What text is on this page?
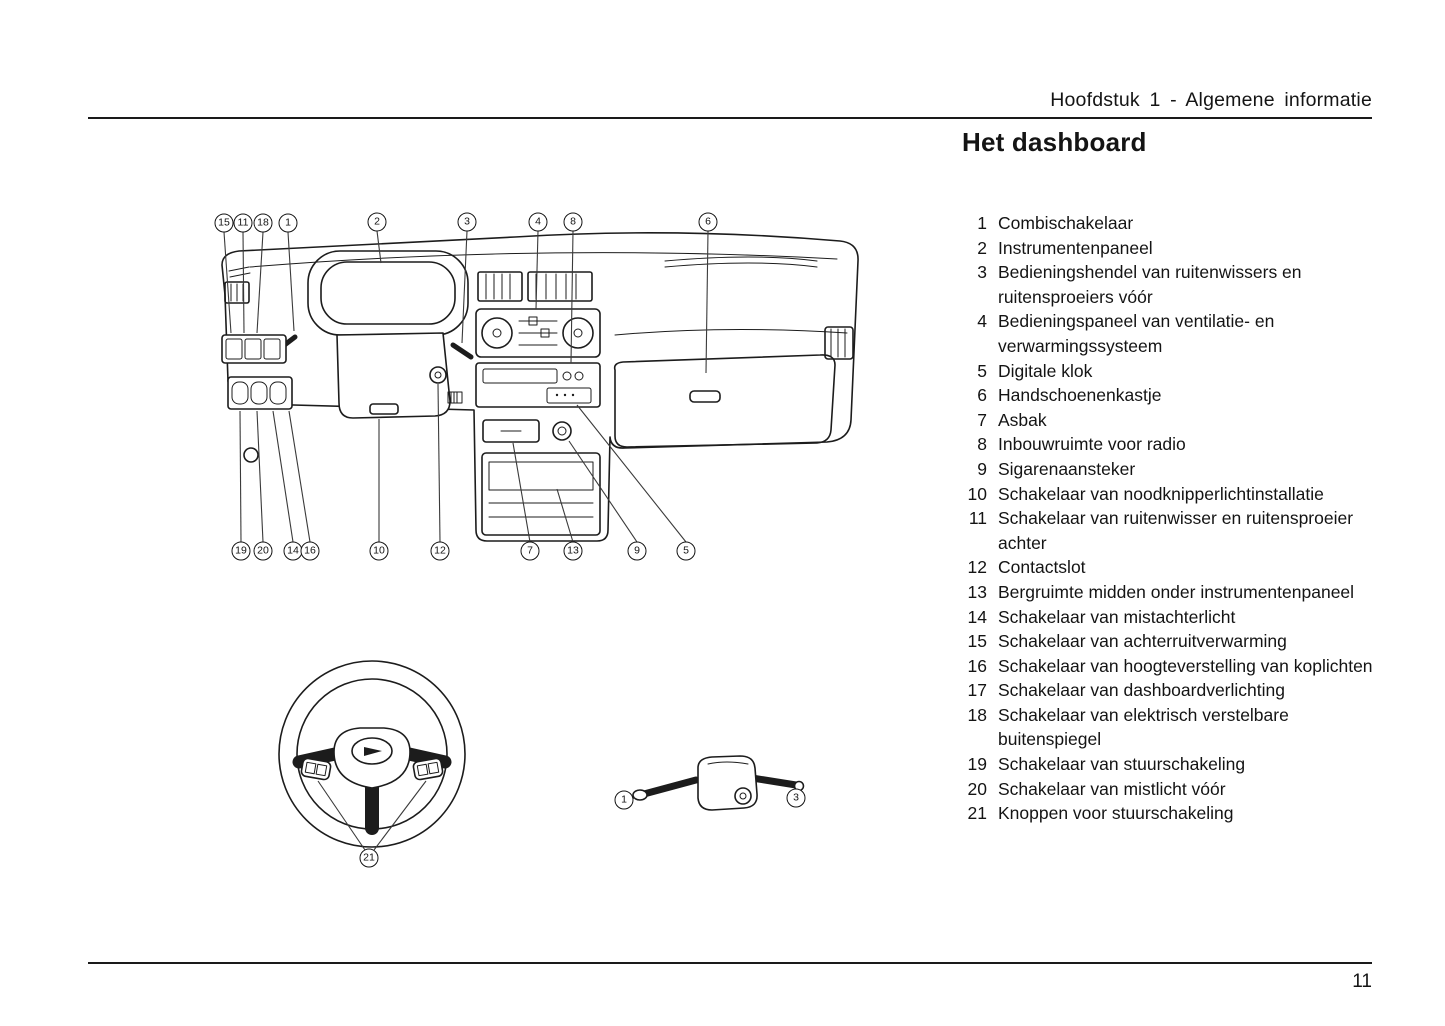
Hoofdstuk 1 - Algemene informatie
Het dashboard
15 11 18	1	2	3	4	8	6
19 20	14 16	10	12	7	13	9	5
21
1	3
1 Combischakelaar
2 Instrumentenpaneel
3 Bedieningshendel van ruitenwissers en ruitensproeiers vóór
4 Bedieningspaneel van ventilatie- en verwarmingssysteem
5 Digitale klok
6 Handschoenenkastje
7 Asbak
8 Inbouwruimte voor radio
9 Sigarenaansteker
10 Schakelaar van noodknipperlichtinstallatie
11 Schakelaar van ruitenwisser en ruitensproeier achter
12 Contactslot
13 Bergruimte midden onder instrumentenpaneel
14 Schakelaar van mistachterlicht
15 Schakelaar van achterruitverwarming
16 Schakelaar van hoogteverstelling van koplichten
17 Schakelaar van dashboardverlichting
18 Schakelaar van elektrisch verstelbare buitenspiegel
19 Schakelaar van stuurschakeling
20 Schakelaar van mistlicht vóór
21 Knoppen voor stuurschakeling
11
